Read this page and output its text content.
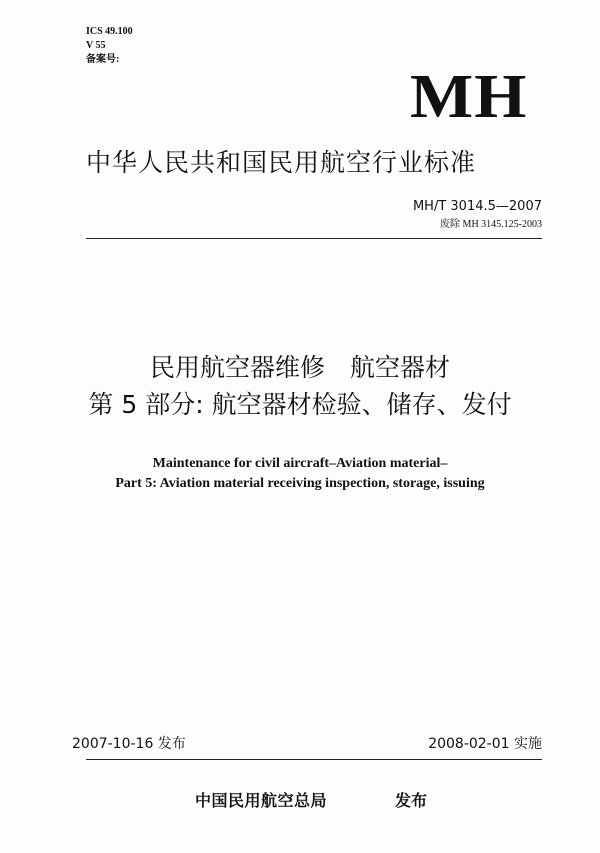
ICS 49.100
V 55
备案号:
MH
中华人民共和国民用航空行业标准
MH/T 3014.5—2007
废除 MH 3145.125-2003
民用航空器维修　航空器材
第 5 部分: 航空器材检验、储存、发付
Maintenance for civil aircraft–Aviation material–
Part 5: Aviation material receiving inspection, storage, issuing
2007-10-16 发布	2008-02-01 实施
中国民用航空总局	发布
